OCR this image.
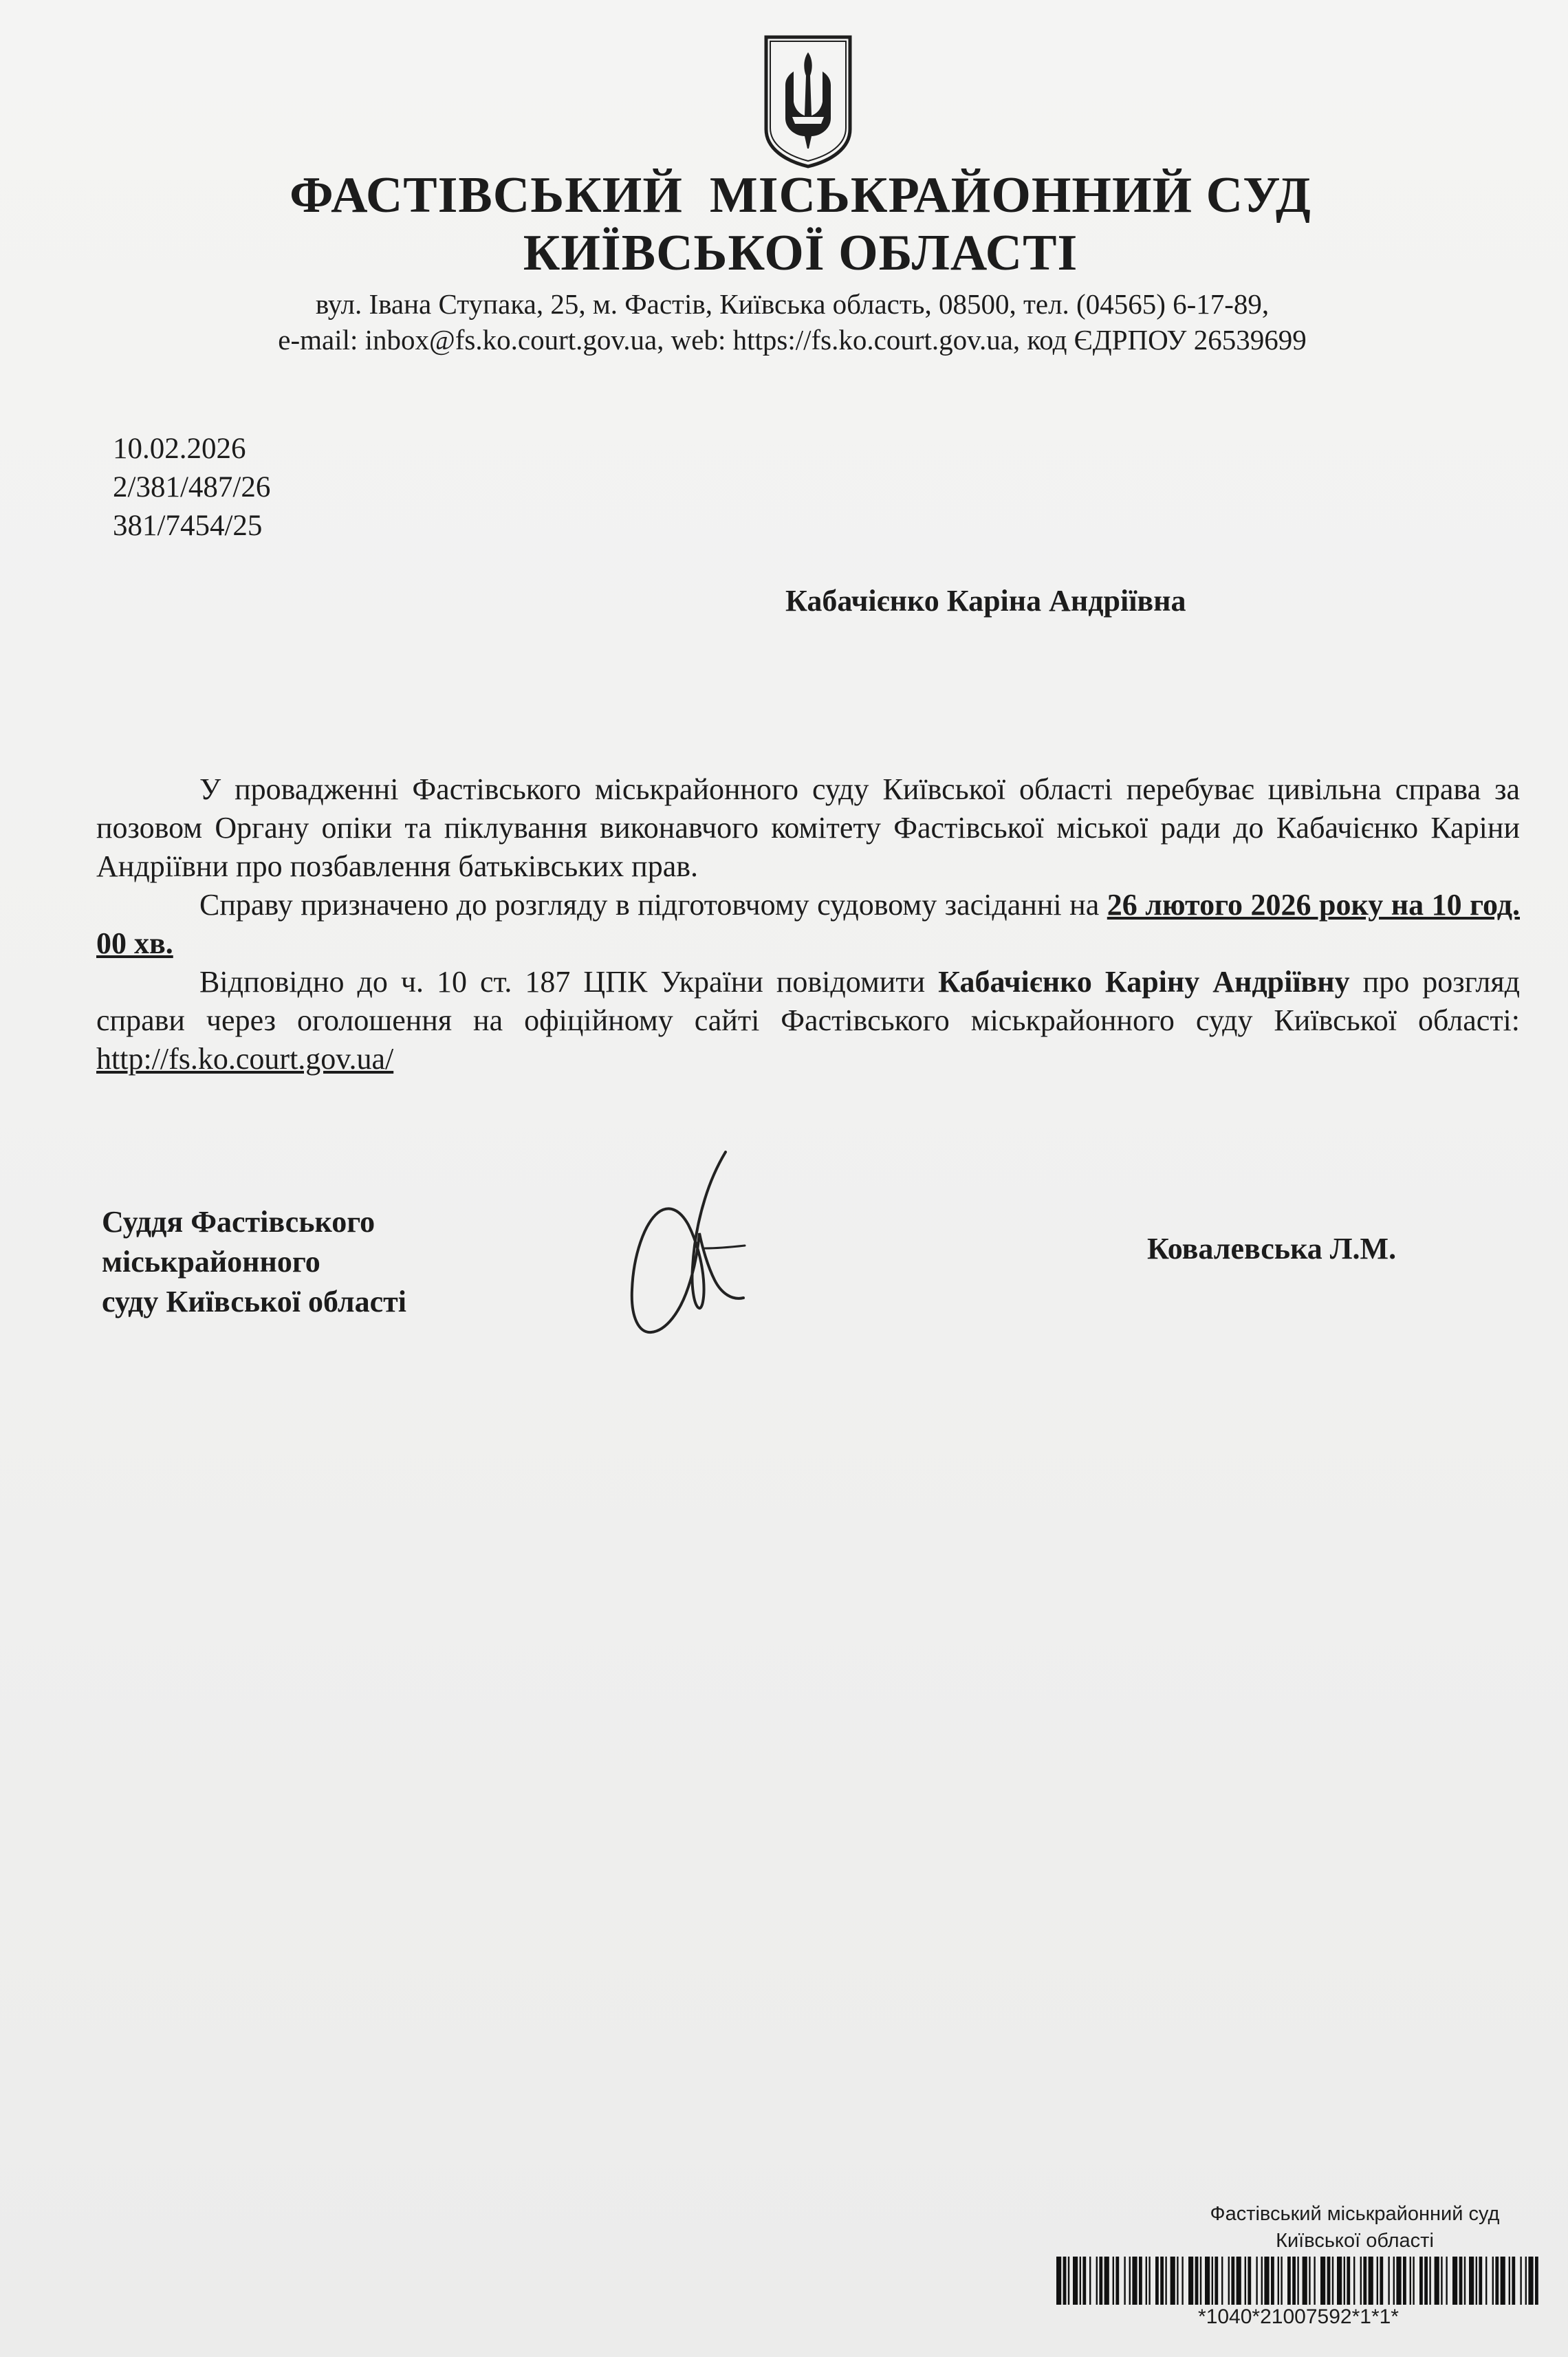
ФАСТІВСЬКИЙ  МІСЬКРАЙОННИЙ СУД
КИЇВСЬКОЇ ОБЛАСТІ
вул. Івана Ступака, 25, м. Фастів, Київська область, 08500, тел. (04565) 6-17-89,
e-mail: inbox@fs.ko.court.gov.ua, web: https://fs.ko.court.gov.ua, код ЄДРПОУ 26539699
10.02.2026
2/381/487/26
381/7454/25
Кабачієнко Каріна Андріївна
У провадженні Фастівського міськрайонного суду Київської області перебуває цивільна справа за позовом Органу опіки та піклування виконавчого комітету Фастівської міської ради до Кабачієнко Каріни Андріївни про позбавлення батьківських прав.
Справу призначено до розгляду в підготовчому судовому засіданні на 26 лютого 2026 року на 10 год. 00 хв.
Відповідно до ч. 10 ст. 187 ЦПК України повідомити Кабачієнко Каріну Андріївну про розгляд справи через оголошення на офіційному сайті Фастівського міськрайонного суду Київської області: http://fs.ko.court.gov.ua/
Суддя Фастівського
міськрайонного
суду Київської області
Ковалевська Л.М.
Фастівський міськрайонний суд
Київської області
*1040*21007592*1*1*
